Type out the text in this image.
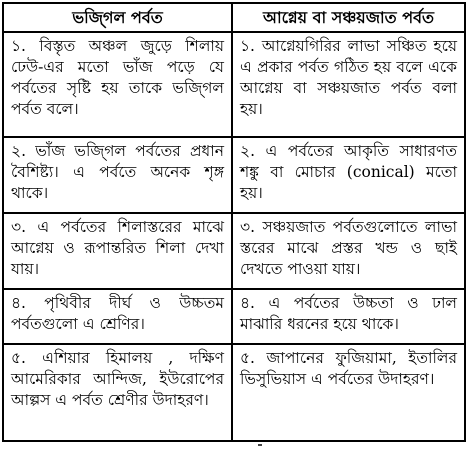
ভজ্গিল পর্বত	আগ্নেয় বা সঞ্চয়জাত পর্বত
১. বিস্তৃত অঞ্চল জুড়ে শিলায় ঢেউ-এর মতো ভাঁজ পড়ে যে পর্বতের সৃষ্টি হয় তাকে ভজ্গিল পর্বত বলে।	১. আগ্নেয়গিরির লাভা সঞ্চিত হয়ে এ প্রকার পর্বত গঠিত হয় বলে একে আগ্নেয় বা সঞ্চয়জাত পর্বত বলা হয়।
২. ভাঁজ ভজ্গিল পর্বতের প্রধান বৈশিষ্ট্য। এ পর্বতে অনেক শৃঙ্গ থাকে।	২. এ পর্বতের আকৃতি সাধারণত শঙ্কু বা মোচার (conical) মতো হয়।
৩. এ পর্বতের শিলাস্তরের মাঝে আগ্নেয় ও রূপান্তরিত শিলা দেখা যায়।	৩. সঞ্চয়জাত পর্বতগুলোতে লাভা স্তরের মাঝে প্রস্তর খন্ড ও ছাই দেখতে পাওয়া যায়।
৪. পৃথিবীর দীর্ঘ ও উচ্চতম পর্বতগুলো এ শ্রেণির।	৪. এ পর্বতের উচ্চতা ও ঢাল মাঝারি ধরনের হয়ে থাকে।
৫. এশিয়ার হিমালয় , দক্ষিণ আমেরিকার আন্দিজ, ইউরোপের আল্পস এ পর্বত শ্রেণীর উদাহরণ।	৫. জাপানের ফুজিয়ামা, ইতালির ভিসুভিয়াস এ পর্বতের উদাহরণ।
